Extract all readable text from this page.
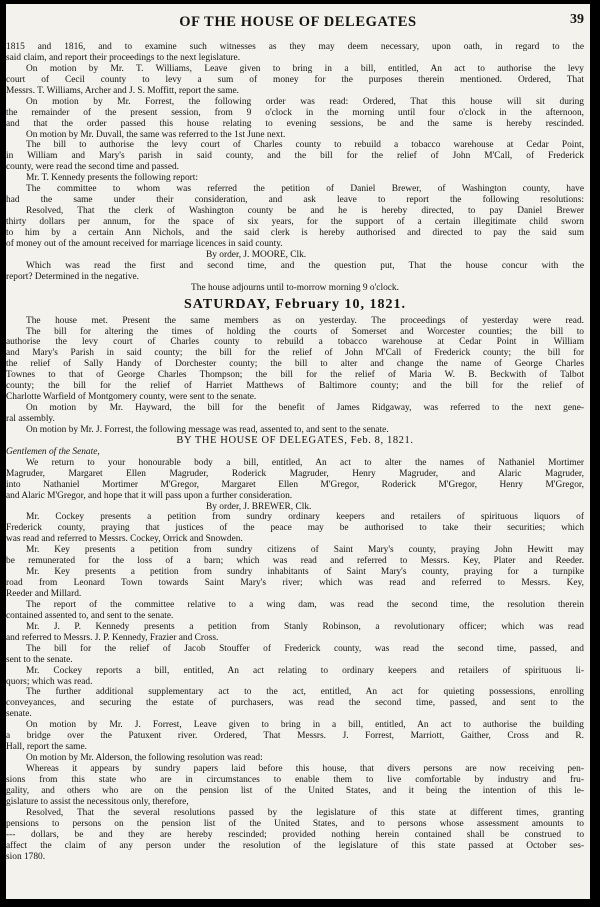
OF THE HOUSE OF DELEGATES	39
1815 and 1816, and to examine such witnesses as they may deem necessary, upon oath, in regard to the
said claim, and report their proceedings to the next legislature.
On motion by Mr. T. Williams, Leave given to bring in a bill, entitled, An act to authorise the levy
court of Cecil county to levy a sum of money for the purposes therein mentioned. Ordered, That
Messrs. T. Williams, Archer and J. S. Moffitt, report the same.
On motion by Mr. Forrest, the following order was read: Ordered, That this house will sit during
the remainder of the present session, from 9 o'clock in the morning until four o'clock in the afternoon,
and that the order passed this house relating to evening sessions, be and the same is hereby rescinded.
On motion by Mr. Duvall, the same was referred to the 1st June next.
The bill to authorise the levy court of Charles county to rebuild a tobacco warehouse at Cedar Point,
in William and Mary's parish in said county, and the bill for the relief of John M'Call, of Frederick
county, were read the second time and passed.
Mr. T. Kennedy presents the following report:
The committee to whom was referred the petition of Daniel Brewer, of Washington county, have
had the same under their consideration, and ask leave to report the following resolutions:
Resolved, That the clerk of Washington county be and he is hereby directed, to pay Daniel Brewer
thirty dollars per annum, for the space of six years, for the support of a certain illegitimate child sworn
to him by a certain Ann Nichols, and the said clerk is hereby authorised and directed to pay the said sum
of money out of the amount received for marriage licences in said county.
By order, J. MOORE, Clk.
Which was read the first and second time, and the question put, That the house concur with the
report? Determined in the negative.
The house adjourns until to-morrow morning 9 o'clock.
SATURDAY, February 10, 1821.
The house met. Present the same members as on yesterday. The proceedings of yesterday were read.
The bill for altering the times of holding the courts of Somerset and Worcester counties; the bill to
authorise the levy court of Charles county to rebuild a tobacco warehouse at Cedar Point in William
and Mary's Parish in said county; the bill for the relief of John M'Call of Frederick county; the bill for
the relief of Sally Handy of Dorchester county; the bill to alter and change the name of George Charles
Townes to that of George Charles Thompson; the bill for the relief of Maria W. B. Beckwith of Talbot
county; the bill for the relief of Harriet Matthews of Baltimore county; and the bill for the relief of
Charlotte Warfield of Montgomery county, were sent to the senate.
On motion by Mr. Hayward, the bill for the benefit of James Ridgaway, was referred to the next gene-
ral assembly.
On motion by Mr. J. Forrest, the following message was read, assented to, and sent to the senate.
BY THE HOUSE OF DELEGATES, Feb. 8, 1821.
Gentlemen of the Senate,
We return to your honourable body a bill, entitled, An act to alter the names of Nathaniel Mortimer
Magruder, Margaret Ellen Magruder, Roderick Magruder, Henry Magruder, and Alaric Magruder,
into Nathaniel Mortimer M'Gregor, Margaret Ellen M'Gregor, Roderick M'Gregor, Henry M'Gregor,
and Alaric M'Gregor, and hope that it will pass upon a further consideration.
By order, J. BREWER, Clk.
Mr. Cockey presents a petition from sundry ordinary keepers and retailers of spirituous liquors of
Frederick county, praying that justices of the peace may be authorised to take their securities; which
was read and referred to Messrs. Cockey, Orrick and Snowden.
Mr. Key presents a petition from sundry citizens of Saint Mary's county, praying John Hewitt may
be remunerated for the loss of a barn; which was read and referred to Messrs. Key, Plater and Reeder.
Mr. Key presents a petition from sundry inhabitants of Saint Mary's county, praying for a turnpike
road from Leonard Town towards Saint Mary's river; which was read and referred to Messrs. Key,
Reeder and Millard.
The report of the committee relative to a wing dam, was read the second time, the resolution therein
contained assented to, and sent to the senate.
Mr. J. P. Kennedy presents a petition from Stanly Robinson, a revolutionary officer; which was read
and referred to Messrs. J. P. Kennedy, Frazier and Cross.
The bill for the relief of Jacob Stouffer of Frederick county, was read the second time, passed, and
sent to the senate.
Mr. Cockey reports a bill, entitled, An act relating to ordinary keepers and retailers of spirituous li-
quors; which was read.
The further additional supplementary act to the act, entitled, An act for quieting possessions, enrolling
conveyances, and securing the estate of purchasers, was read the second time, passed, and sent to the
senate.
On motion by Mr. J. Forrest, Leave given to bring in a bill, entitled, An act to authorise the building
a bridge over the Patuxent river. Ordered, That Messrs. J. Forrest, Marriott, Gaither, Cross and R.
Hall, report the same.
On motion by Mr. Alderson, the following resolution was read:
Whereas it appears by sundry papers laid before this house, that divers persons are now receiving pen-
sions from this state who are in circumstances to enable them to live comfortable by industry and fru-
gality, and others who are on the pension list of the United States, and it being the intention of this le-
gislature to assist the necessitous only, therefore,
Resolved, That the several resolutions passed by the legislature of this state at different times, granting
pensions to persons on the pension list of the United States, and to persons whose assessment amounts to
--- dollars, be and they are hereby rescinded; provided nothing herein contained shall be construed to
affect the claim of any person under the resolution of the legislature of this state passed at October ses-
sion 1780.
